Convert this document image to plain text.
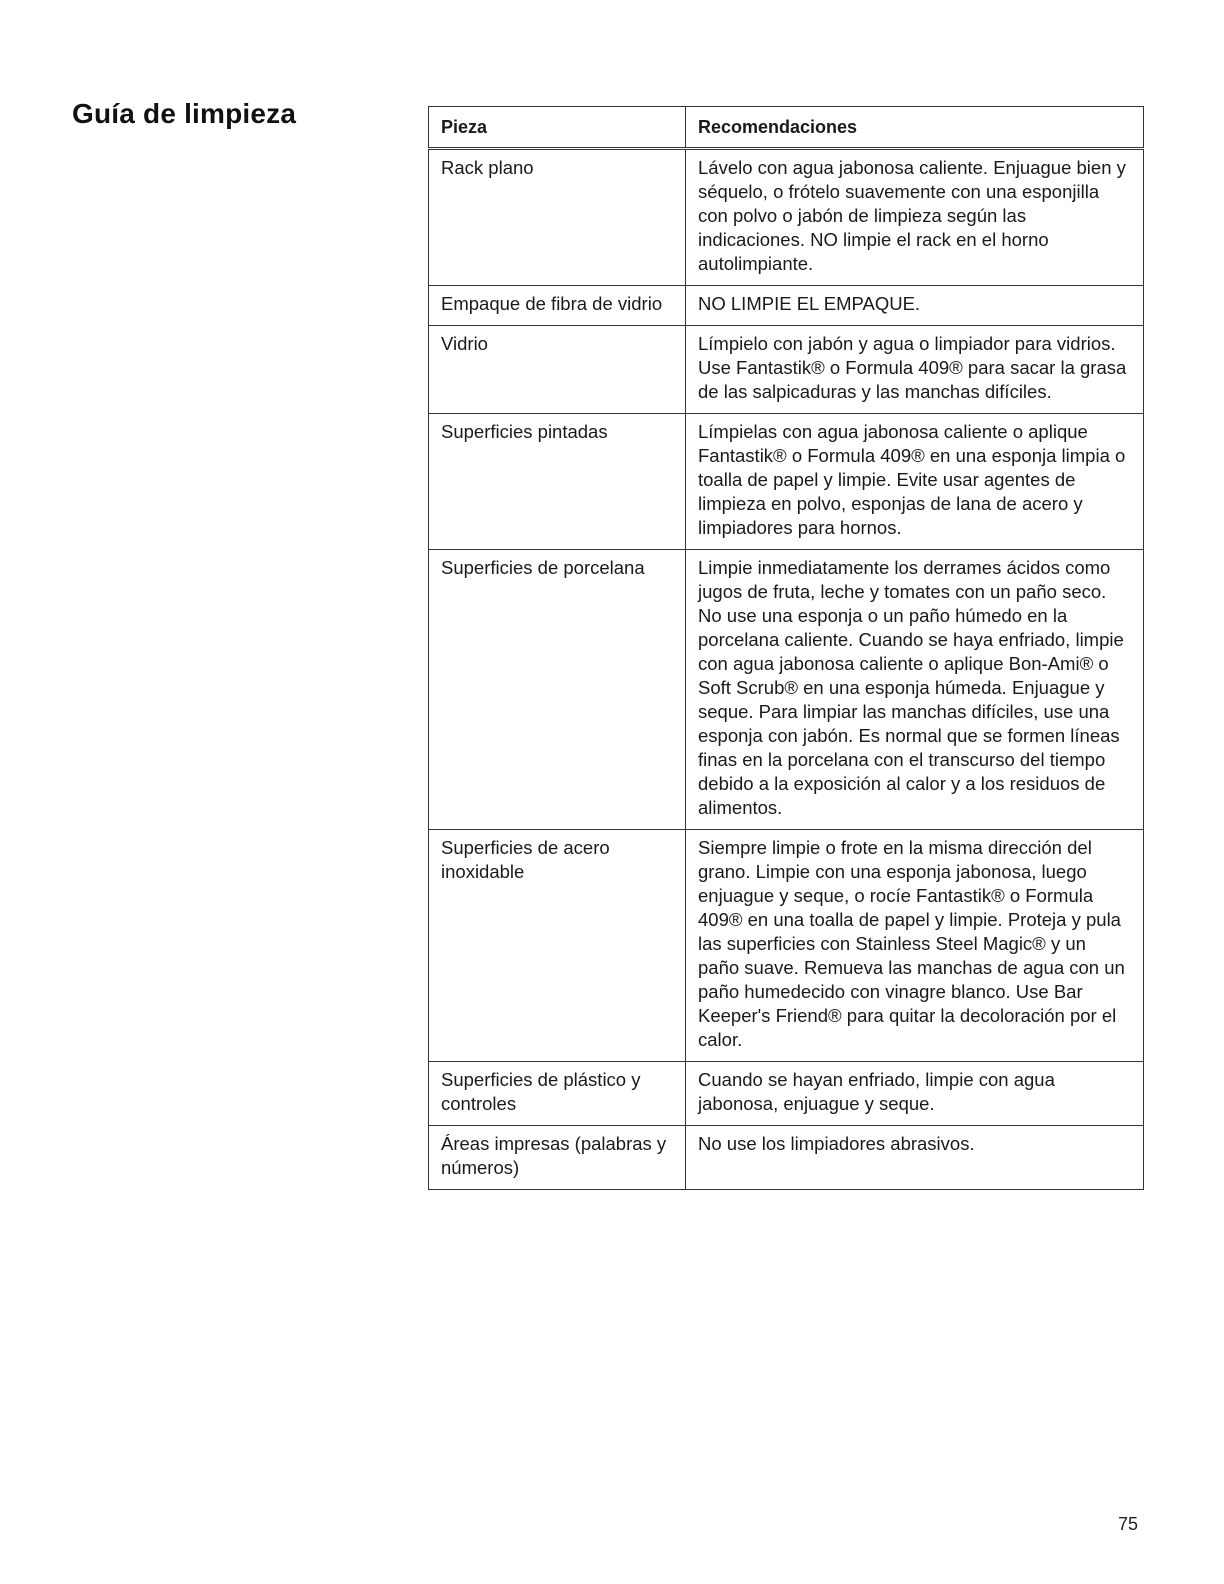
Guía de limpieza	Pieza	Recomendaciones
Rack plano	Lávelo con agua jabonosa caliente. Enjuague bien y séquelo, o frótelo suavemente con una esponjilla con polvo o jabón de limpieza según las indicaciones. NO limpie el rack en el horno autolimpiante.
Empaque de fibra de vidrio	NO LIMPIE EL EMPAQUE.
Vidrio	Límpielo con jabón y agua o limpiador para vidrios. Use Fantastik® o Formula 409® para sacar la grasa de las salpicaduras y las manchas difíciles.
Superficies pintadas	Límpielas con agua jabonosa caliente o aplique Fantastik® o Formula 409® en una esponja limpia o toalla de papel y limpie. Evite usar agentes de limpieza en polvo, esponjas de lana de acero y limpiadores para hornos.
Superficies de porcelana	Limpie inmediatamente los derrames ácidos como jugos de fruta, leche y tomates con un paño seco. No use una esponja o un paño húmedo en la porcelana caliente. Cuando se haya enfriado, limpie con agua jabonosa caliente o aplique Bon-Ami® o Soft Scrub® en una esponja húmeda. Enjuague y seque. Para limpiar las manchas difíciles, use una esponja con jabón. Es normal que se formen líneas finas en la porcelana con el transcurso del tiempo debido a la exposición al calor y a los residuos de alimentos.
Superficies de acero inoxidable	Siempre limpie o frote en la misma dirección del grano. Limpie con una esponja jabonosa, luego enjuague y seque, o rocíe Fantastik® o Formula 409® en una toalla de papel y limpie. Proteja y pula las superficies con Stainless Steel Magic® y un paño suave. Remueva las manchas de agua con un paño humedecido con vinagre blanco. Use Bar Keeper's Friend® para quitar la decoloración por el calor.
Superficies de plástico y controles	Cuando se hayan enfriado, limpie con agua jabonosa, enjuague y seque.
Áreas impresas (palabras y números)	No use los limpiadores abrasivos.
75
